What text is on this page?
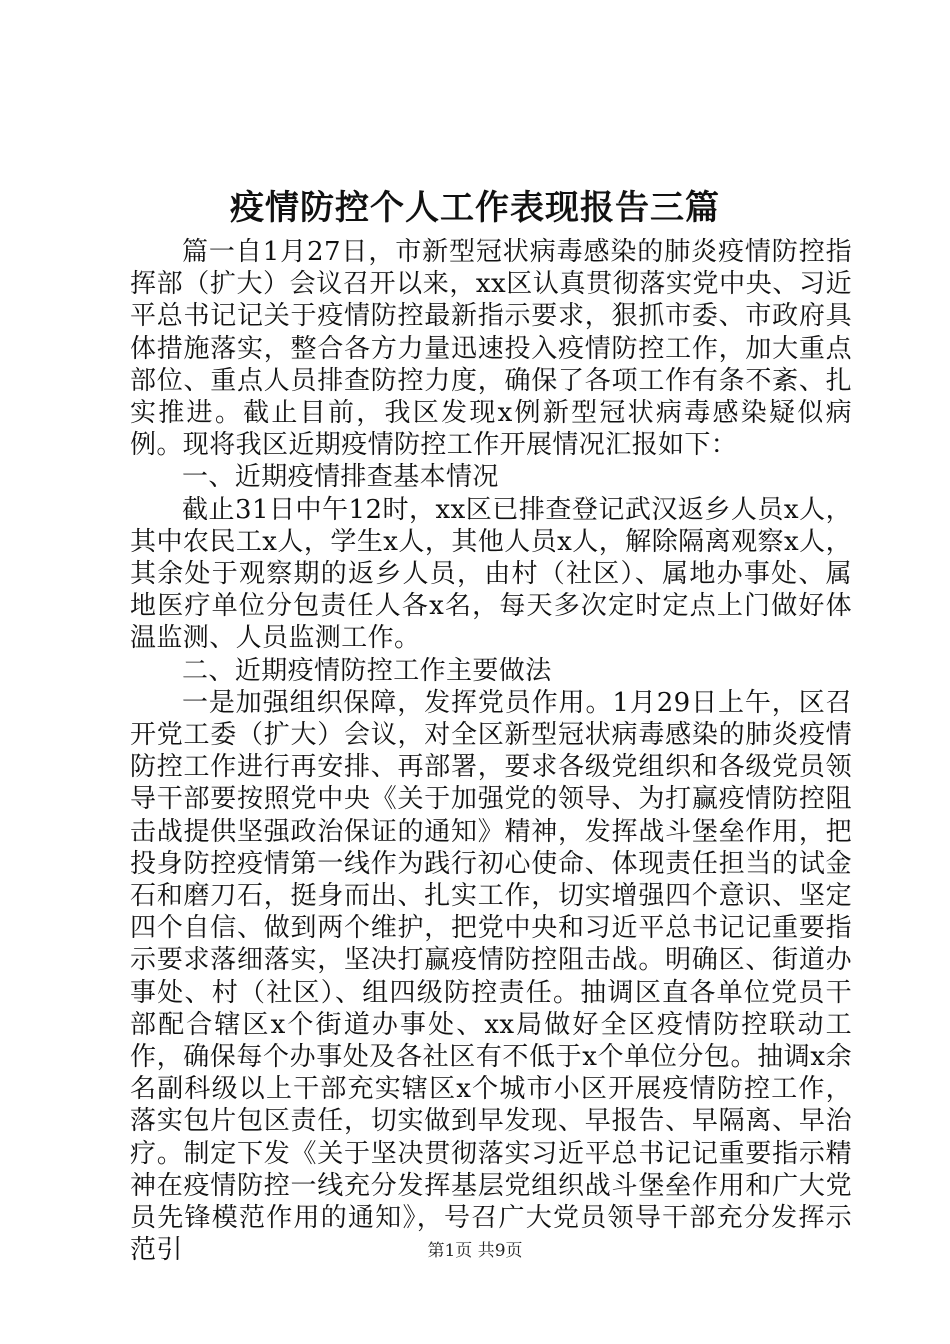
疫情防控个人工作表现报告三篇

篇一自1月27日，市新型冠状病毒感染的肺炎疫情防控指挥部（扩大）会议召开以来，xx区认真贯彻落实党中央、习近平总书记记关于疫情防控最新指示要求，狠抓市委、市政府具体措施落实，整合各方力量迅速投入疫情防控工作，加大重点部位、重点人员排查防控力度，确保了各项工作有条不紊、扎实推进。截止目前，我区发现x例新型冠状病毒感染疑似病例。现将我区近期疫情防控工作开展情况汇报如下：

一、近期疫情排查基本情况

截止31日中午12时，xx区已排查登记武汉返乡人员x人，其中农民工x人，学生x人，其他人员x人，解除隔离观察x人，其余处于观察期的返乡人员，由村（社区）、属地办事处、属地医疗单位分包责任人各x名，每天多次定时定点上门做好体温监测、人员监测工作。

二、近期疫情防控工作主要做法

一是加强组织保障，发挥党员作用。1月29日上午，区召开党工委（扩大）会议，对全区新型冠状病毒感染的肺炎疫情防控工作进行再安排、再部署，要求各级党组织和各级党员领导干部要按照党中央《关于加强党的领导、为打赢疫情防控阻击战提供坚强政治保证的通知》精神，发挥战斗堡垒作用，把投身防控疫情第一线作为践行初心使命、体现责任担当的试金石和磨刀石，挺身而出、扎实工作，切实增强四个意识、坚定四个自信、做到两个维护，把党中央和习近平总书记记重要指示要求落细落实，坚决打赢疫情防控阻击战。明确区、街道办事处、村（社区）、组四级防控责任。抽调区直各单位党员干部配合辖区x个街道办事处、xx局做好全区疫情防控联动工作，确保每个办事处及各社区有不低于x个单位分包。抽调x余名副科级以上干部充实辖区x个城市小区开展疫情防控工作，落实包片包区责任，切实做到早发现、早报告、早隔离、早治疗。制定下发《关于坚决贯彻落实习近平总书记记重要指示精神在疫情防控一线充分发挥基层党组织战斗堡垒作用和广大党员先锋模范作用的通知》，号召广大党员领导干部充分发挥示范引	第1页 共9页
